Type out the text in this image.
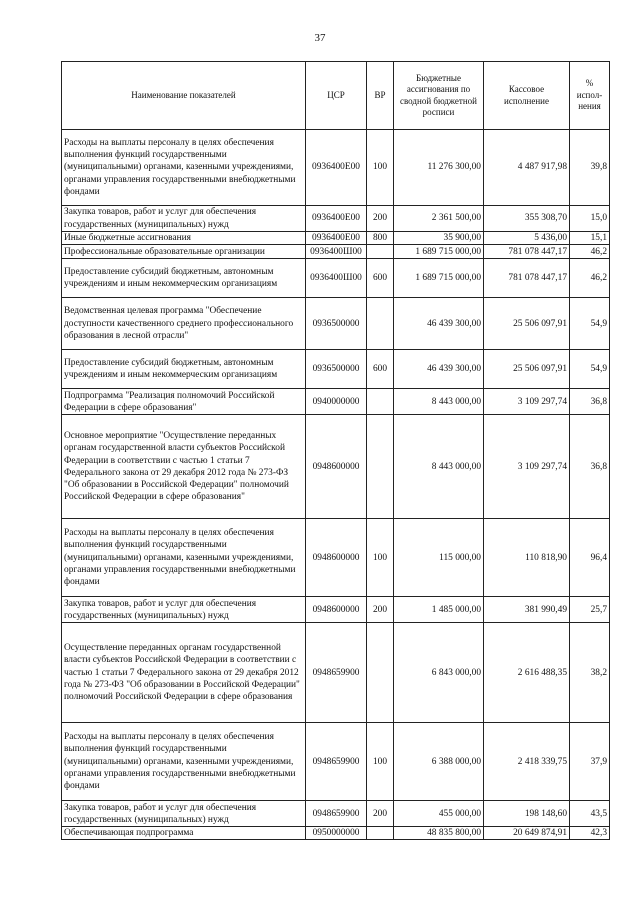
37
Наименование показателей	ЦСР	ВР	Бюджетные ассигнования по сводной бюджетной росписи	Кассовое исполнение	% испол-нения
Расходы на выплаты персоналу в целях обеспечения выполнения функций государственными (муниципальными) органами, казенными учреждениями, органами управления государственными внебюджетными фондами	0936400Е00	100	11 276 300,00	4 487 917,98	39,8
Закупка товаров, работ и услуг для обеспечения государственных (муниципальных) нужд	0936400Е00	200	2 361 500,00	355 308,70	15,0
Иные бюджетные ассигнования	0936400Е00	800	35 900,00	5 436,00	15,1
Профессиональные образовательные организации	0936400Ш00		1 689 715 000,00	781 078 447,17	46,2
Предоставление субсидий бюджетным, автономным учреждениям и иным некоммерческим организациям	0936400Ш00	600	1 689 715 000,00	781 078 447,17	46,2
Ведомственная целевая программа "Обеспечение доступности качественного среднего профессионального образования в лесной отрасли"	0936500000		46 439 300,00	25 506 097,91	54,9
Предоставление субсидий бюджетным, автономным учреждениям и иным некоммерческим организациям	0936500000	600	46 439 300,00	25 506 097,91	54,9
Подпрограмма "Реализация полномочий Российской Федерации в сфере образования"	0940000000		8 443 000,00	3 109 297,74	36,8
Основное мероприятие "Осуществление переданных органам государственной власти субъектов Российской Федерации в соответствии с частью 1 статьи 7 Федерального закона от 29 декабря 2012 года № 273-ФЗ "Об образовании в Российской Федерации" полномочий Российской Федерации в сфере образования"	0948600000		8 443 000,00	3 109 297,74	36,8
Расходы на выплаты персоналу в целях обеспечения выполнения функций государственными (муниципальными) органами, казенными учреждениями, органами управления государственными внебюджетными фондами	0948600000	100	115 000,00	110 818,90	96,4
Закупка товаров, работ и услуг для обеспечения государственных (муниципальных) нужд	0948600000	200	1 485 000,00	381 990,49	25,7
Осуществление переданных органам государственной власти субъектов Российской Федерации в соответствии с частью 1 статьи 7 Федерального закона от 29 декабря 2012 года № 273-ФЗ "Об образовании в Российской Федерации" полномочий Российской Федерации в сфере образования	0948659900		6 843 000,00	2 616 488,35	38,2
Расходы на выплаты персоналу в целях обеспечения выполнения функций государственными (муниципальными) органами, казенными учреждениями, органами управления государственными внебюджетными фондами	0948659900	100	6 388 000,00	2 418 339,75	37,9
Закупка товаров, работ и услуг для обеспечения государственных (муниципальных) нужд	0948659900	200	455 000,00	198 148,60	43,5
Обеспечивающая подпрограмма	0950000000		48 835 800,00	20 649 874,91	42,3
